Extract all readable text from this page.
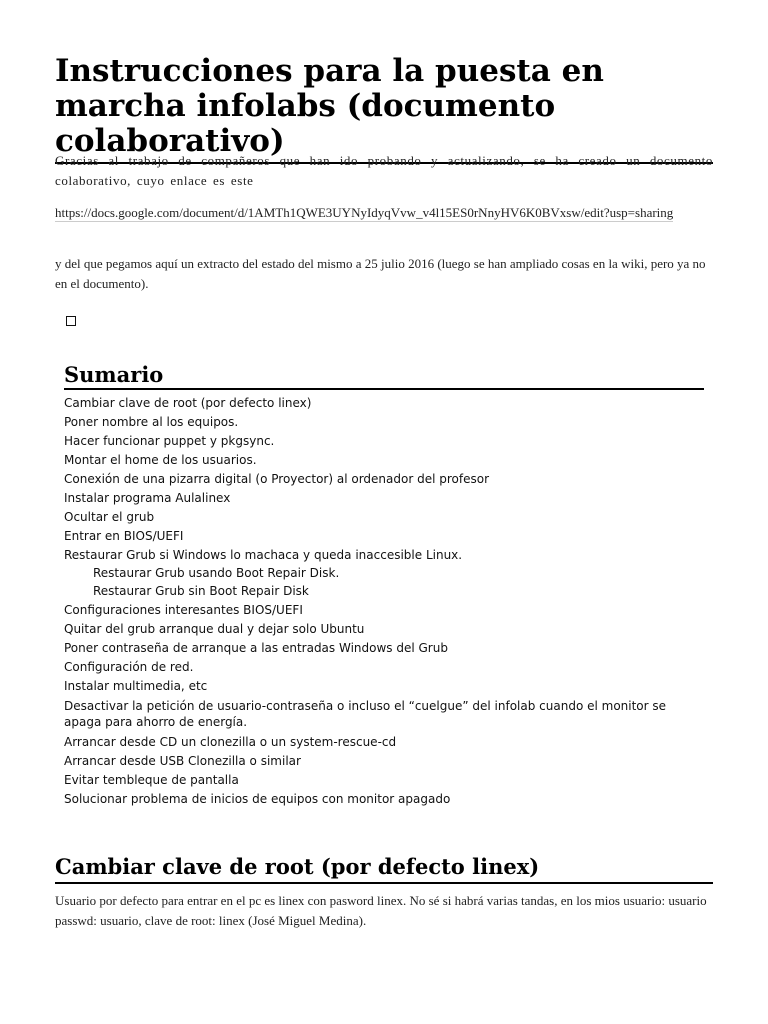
Instrucciones para la puesta en marcha infolabs (documento colaborativo)

Gracias al trabajo de compañeros que han ido probando y actualizando, se ha creado un documento colaborativo, cuyo enlace es este

https://docs.google.com/document/d/1AMTh1QWE3UYNyIdyqVvw_v4l15ES0rNnyHV6K0BVxsw/edit?usp=sharing

y del que pegamos aquí un extracto del estado del mismo a 25 julio 2016 (luego se han ampliado cosas en la wiki, pero ya no en el documento).

Cambiar clave de root (por defecto linex)

Usuario por defecto para entrar en el pc es linex con pasword linex. No sé si habrá varias tandas, en los mios usuario: usuario passwd: usuario, clave de root: linex (José Miguel Medina).

Sumario
Cambiar clave de root (por defecto linex)
Poner nombre al los equipos.
Hacer funcionar puppet y pkgsync.
Montar el home de los usuarios.
Conexión de una pizarra digital (o Proyector) al ordenador del profesor
Instalar programa Aulalinex
Ocultar el grub
Entrar en BIOS/UEFI
Restaurar Grub si Windows lo machaca y queda inaccesible Linux.
Restaurar Grub usando Boot Repair Disk.
Restaurar Grub sin Boot Repair Disk
Configuraciones interesantes BIOS/UEFI
Quitar del grub arranque dual y dejar solo Ubuntu
Poner contraseña de arranque a las entradas Windows del Grub
Configuración de red.
Instalar multimedia, etc
Desactivar la petición de usuario-contraseña o incluso el “cuelgue” del infolab cuando el monitor se apaga para ahorro de energía.
Arrancar desde CD un clonezilla o un system-rescue-cd
Arrancar desde USB Clonezilla o similar
Evitar tembleque de pantalla
Solucionar problema de inicios de equipos con monitor apagado
